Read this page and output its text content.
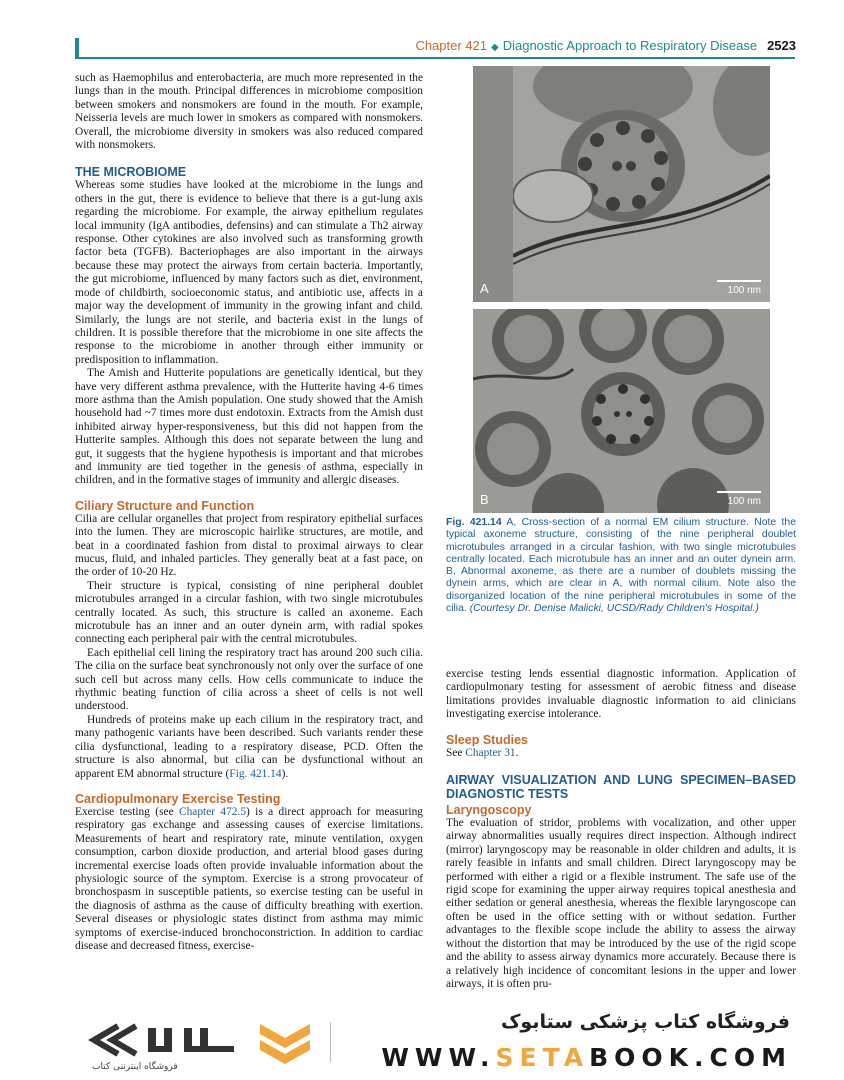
Chapter 421 ◆ Diagnostic Approach to Respiratory Disease 2523

such as Haemophilus and enterobacteria, are much more represented in the lungs than in the mouth. Principal differences in microbiome composition between smokers and nonsmokers are found in the mouth. For example, Neisseria levels are much lower in smokers as compared with nonsmokers. Overall, the microbiome diversity in smokers was also reduced compared with nonsmokers.

THE MICROBIOME

Whereas some studies have looked at the microbiome in the lungs and others in the gut, there is evidence to believe that there is a gut-lung axis regarding the microbiome. For example, the airway epithelium regulates local immunity (IgA antibodies, defensins) and can stimulate a Th2 airway response. Other cytokines are also involved such as transforming growth factor beta (TGFB). Bacteriophages are also important in the airways because these may protect the airways from certain bacteria. Importantly, the gut microbiome, influenced by many factors such as diet, environment, mode of childbirth, socioeconomic status, and antibiotic use, affects in a major way the development of immunity in the growing infant and child. Similarly, the lungs are not sterile, and bacteria exist in the lungs of children. It is possible therefore that the microbiome in one site affects the response to the microbiome in another through either immunity or predisposition to inflammation.

The Amish and Hutterite populations are genetically identical, but they have very different asthma prevalence, with the Hutterite having 4-6 times more asthma than the Amish population. One study showed that the Amish household had ~7 times more dust endotoxin. Extracts from the Amish dust inhibited airway hyper-responsiveness, but this did not happen from the Hutterite samples. Although this does not separate between the lung and gut, it suggests that the hygiene hypothesis is important and that microbes and immunity are tied together in the genesis of asthma, especially in children, and in the formative stages of immunity and allergic diseases.

Ciliary Structure and Function

Cilia are cellular organelles that project from respiratory epithelial surfaces into the lumen. They are microscopic hairlike structures, are motile, and beat in a coordinated fashion from distal to proximal airways to clear mucus, fluid, and inhaled particles. They generally beat at a fast pace, on the order of 10-20 Hz.

Their structure is typical, consisting of nine peripheral doublet microtubules arranged in a circular fashion, with two single microtubules centrally located. As such, this structure is called an axoneme. Each microtubule has an inner and an outer dynein arm, with radial spokes connecting each peripheral pair with the central microtubules.

Each epithelial cell lining the respiratory tract has around 200 such cilia. The cilia on the surface beat synchronously not only over the surface of one such cell but across many cells. How cells communicate to induce the rhythmic beating function of cilia across a sheet of cells is not well understood.

Hundreds of proteins make up each cilium in the respiratory tract, and many pathogenic variants have been described. Such variants render these cilia dysfunctional, leading to a respiratory disease, PCD. Often the structure is also abnormal, but cilia can be dysfunctional without an apparent EM abnormal structure (Fig. 421.14).

Cardiopulmonary Exercise Testing

Exercise testing (see Chapter 472.5) is a direct approach for measuring respiratory gas exchange and assessing causes of exercise limitations. Measurements of heart and respiratory rate, minute ventilation, oxygen consumption, carbon dioxide production, and arterial blood gases during incremental exercise loads often provide invaluable information about the physiologic source of the symptom. Exercise is a strong provocateur of bronchospasm in susceptible patients, so exercise testing can be useful in the diagnosis of asthma as the cause of difficulty breathing with exertion. Several diseases or physiologic states distinct from asthma may mimic symptoms of exercise-induced bronchoconstriction. In addition to cardiac disease and decreased fitness, exercise-

100 nm
A
100 nm
B
Fig. 421.14 A, Cross-section of a normal EM cilium structure. Note the typical axoneme structure, consisting of the nine peripheral doublet microtubules arranged in a circular fashion, with two single microtubules centrally located. Each microtubule has an inner and an outer dynein arm. B, Abnormal axoneme, as there are a number of doublets missing the dynein arms, which are clear in A, with normal cilium. Note also the disorganized location of the nine peripheral microtubules in some of the cilia. (Courtesy Dr. Denise Malicki, UCSD/Rady Children's Hospital.)

exercise testing lends essential diagnostic information. Application of cardiopulmonary testing for assessment of aerobic fitness and disease limitations provides invaluable diagnostic information to aid clinicians investigating exercise intolerance.

Sleep Studies

See Chapter 31.

AIRWAY VISUALIZATION AND LUNG SPECIMEN–BASED DIAGNOSTIC TESTS
Laryngoscopy

The evaluation of stridor, problems with vocalization, and other upper airway abnormalities usually requires direct inspection. Although indirect (mirror) laryngoscopy may be reasonable in older children and adults, it is rarely feasible in infants and small children. Direct laryngoscopy may be performed with either a rigid or a flexible instrument. The safe use of the rigid scope for examining the upper airway requires topical anesthesia and either sedation or general anesthesia, whereas the flexible laryngoscope can often be used in the office setting with or without sedation. Further advantages to the flexible scope include the ability to assess the airway without the distortion that may be introduced by the use of the rigid scope and the ability to assess airway dynamics more accurately. Because there is a relatively high incidence of concomitant lesions in the upper and lower airways, it is often pru-

فروشگاه اینترنتی کتاب
فروشگاه کتاب پزشکی ستابوک
WWW.SETABOOK.COM
